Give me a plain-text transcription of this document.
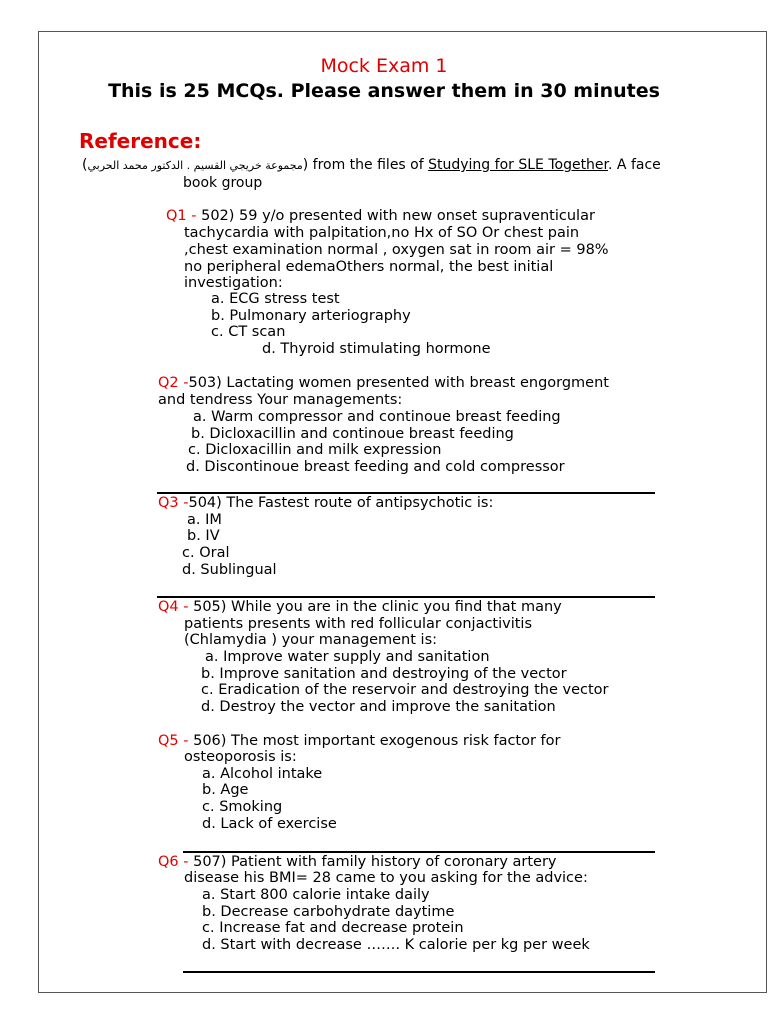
Mock Exam 1
This is 25 MCQs. Please answer them in 30 minutes
Reference:
(مجموعة خريجي القسيم . الدكتور محمد الحربي) from the files of Studying for SLE Together. A face
book group
Q1 - 502) 59 y/o presented with new onset supraventicular
tachycardia with palpitation,no Hx of SO Or chest pain
,chest examination normal , oxygen sat in room air = 98%
no peripheral edemaOthers normal, the best initial
investigation:
a. ECG stress test
b. Pulmonary arteriography
c. CT scan
d. Thyroid stimulating hormone
Q2 -503) Lactating women presented with breast engorgment
and tendress Your managements:
a. Warm compressor and continoue breast feeding
b. Dicloxacillin and continoue breast feeding
c. Dicloxacillin and milk expression
d. Discontinoue breast feeding and cold compressor
Q3 -504) The Fastest route of antipsychotic is:
a. IM
b. IV
c. Oral
d. Sublingual
Q4 - 505) While you are in the clinic you find that many
patients presents with red follicular conjactivitis
(Chlamydia ) your management is:
a. Improve water supply and sanitation
b. Improve sanitation and destroying of the vector
c. Eradication of the reservoir and destroying the vector
d. Destroy the vector and improve the sanitation
Q5 - 506) The most important exogenous risk factor for
osteoporosis is:
a. Alcohol intake
b. Age
c. Smoking
d. Lack of exercise
Q6 - 507) Patient with family history of coronary artery
disease his BMI= 28 came to you asking for the advice:
a. Start 800 calorie intake daily
b. Decrease carbohydrate daytime
c. Increase fat and decrease protein
d. Start with decrease ……. K calorie per kg per week
